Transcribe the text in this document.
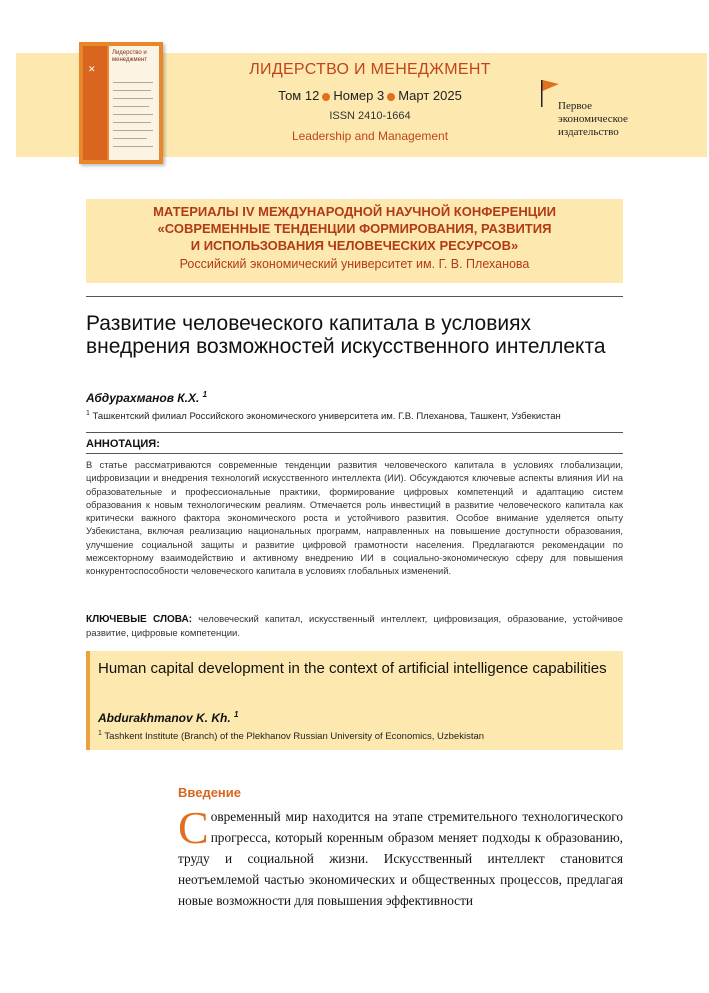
Лидерство и менеджмент
✕	ЛИДЕРСТВО И МЕНЕДЖМЕНТ
Том 12 Номер 3 Март 2025
ISSN 2410-1664
Leadership and Management
Первое экономическое издательство
МАТЕРИАЛЫ IV МЕЖДУНАРОДНОЙ НАУЧНОЙ КОНФЕРЕНЦИИ
«СОВРЕМЕННЫЕ ТЕНДЕНЦИИ ФОРМИРОВАНИЯ, РАЗВИТИЯ
И ИСПОЛЬЗОВАНИЯ ЧЕЛОВЕЧЕСКИХ РЕСУРСОВ»
Российский экономический университет им. Г. В. Плеханова
Развитие человеческого капитала в условиях внедрения возможностей искусственного интеллекта
Абдурахманов К.Х. $^1$
$^1$ Ташкентский филиал Российского экономического университета им. Г.В. Плеханова, Ташкент, Узбекистан
АННОТАЦИЯ:
В статье рассматриваются современные тенденции развития человеческого капитала в условиях глобализации, цифровизации и внедрения технологий искусственного интеллекта (ИИ). Обсуждаются ключевые аспекты влияния ИИ на образовательные и профессиональные практики, формирование цифровых компетенций и адаптацию систем образования к новым технологическим реалиям. Отмечается роль инвестиций в развитие человеческого капитала как критически важного фактора экономического роста и устойчивого развития. Особое внимание уделяется опыту Узбекистана, включая реализацию национальных программ, направленных на повышение доступности образования, улучшение социальной защиты и развитие цифровой грамотности населения. Предлагаются рекомендации по межсекторному взаимодействию и активному внедрению ИИ в социально-экономическую сферу для повышения конкурентоспособности человеческого капитала в условиях глобальных изменений.
КЛЮЧЕВЫЕ СЛОВА: человеческий капитал, искусственный интеллект, цифровизация, образование, устойчивое развитие, цифровые компетенции.
Human capital development in the context of artificial intelligence capabilities
Abdurakhmanov K. Kh. $^1$
$^1$ Tashkent Institute (Branch) of the Plekhanov Russian University of Economics, Uzbekistan
Введение
Современный мир находится на этапе стремительного технологического прогресса, который коренным образом меняет подходы к образованию, труду и социальной жизни. Искусственный интеллект становится неотъемлемой частью экономических и общественных процессов, предлагая новые возможности для повышения эффективности
